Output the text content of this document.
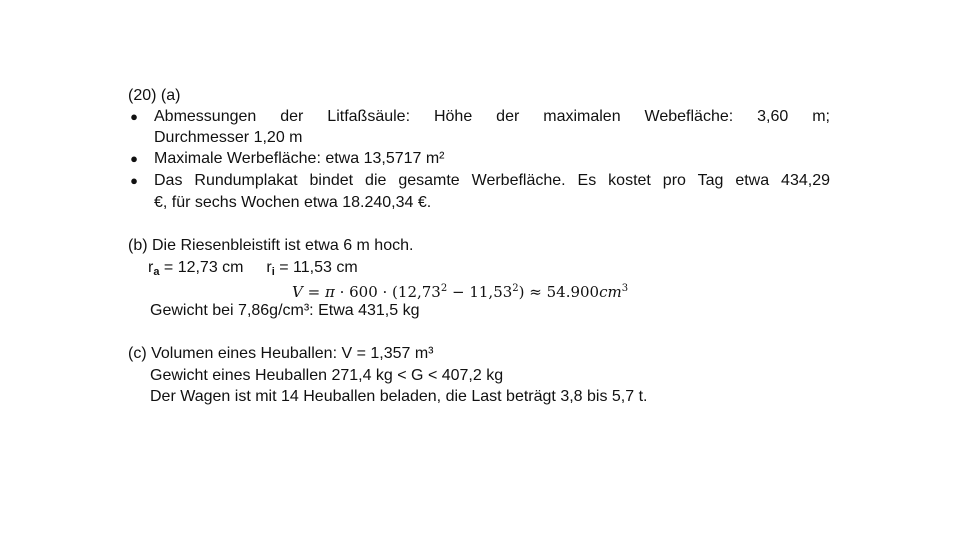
(20) (a)
● Abmessungen der Litfaßsäule: Höhe der maximalen Webefläche: 3,60 m;
Durchmesser 1,20 m
● Maximale Werbefläche: etwa 13,5717 m²
● Das Rundumplakat bindet die gesamte Werbefläche. Es kostet pro Tag etwa 434,29
€, für sechs Wochen etwa 18.240,34 €.
(b) Die Riesenbleistift ist etwa 6 m hoch.
$r_a = 12,73$ cm $r_i = 11,53$ cm
$V = \pi \cdot 600 \cdot (12,73^2 - 11,53^2) \approx 54.900cm^3$
Gewicht bei 7,86g/cm³: Etwa 431,5 kg
(c) Volumen eines Heuballen: V = 1,357 m³
Gewicht eines Heuballen 271,4 kg < G < 407,2 kg
Der Wagen ist mit 14 Heuballen beladen, die Last beträgt 3,8 bis 5,7 t.
